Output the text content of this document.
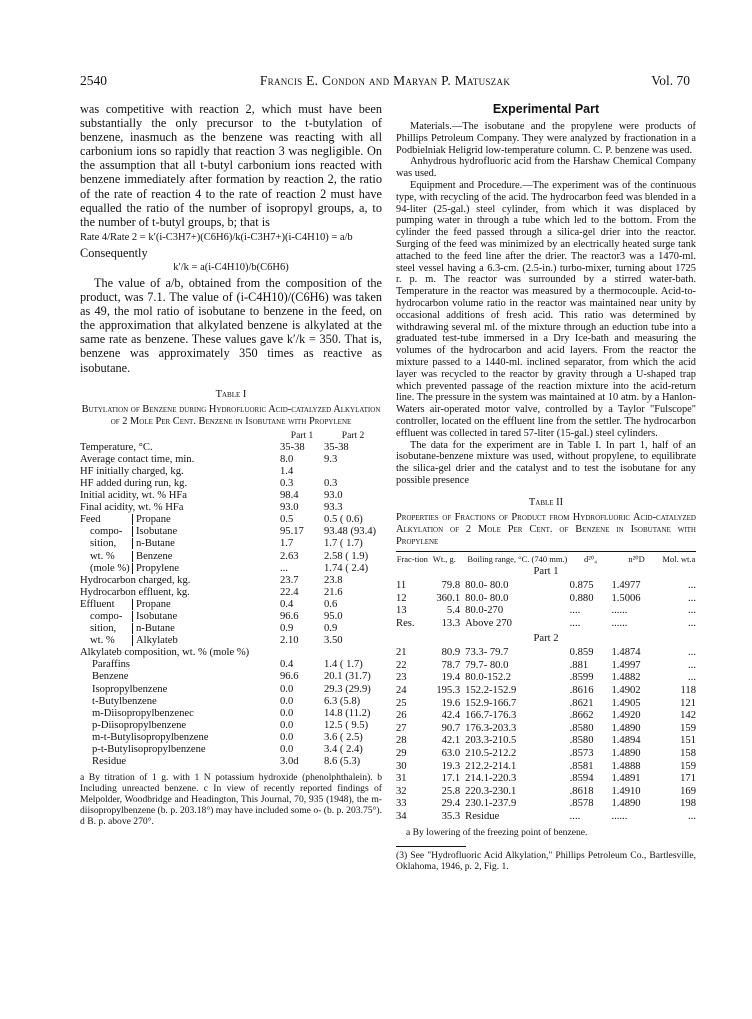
2540	Francis E. Condon and Maryan P. Matuszak	Vol. 70

was competitive with reaction 2, which must have been substantially the only precursor to the t-butylation of benzene, inasmuch as the benzene was reacting with all carbonium ions so rapidly that reaction 3 was negligible. On the assumption that all t-butyl carbonium ions reacted with benzene immediately after formation by reaction 2, the ratio of the rate of reaction 4 to the rate of reaction 2 must have equalled the ratio of the number of isopropyl groups, a, to the number of t-butyl groups, b; that is

Rate 4/Rate 2 = k′(i-C3H7+)(C6H6)/k(i-C3H7+)(i-C4H10) = a/b

Consequently

k′/k = a(i-C4H10)/b(C6H6)

The value of a/b, obtained from the composition of the product, was 7.1. The value of (i-C4H10)/(C6H6) was taken as 49, the mol ratio of isobutane to benzene in the feed, on the approximation that alkylated benzene is alkylated at the same rate as benzene. These values gave k′/k = 350. That is, benzene was approximately 350 times as reactive as isobutane.

Table I

Butylation of Benzene during Hydrofluoric Acid-catalyzed Alkylation of 2 Mole Per Cent. Benzene in Isobutane with Propylene

	Part 1	Part 2
Temperature, °C.	35-38	35-38
Average contact time, min.	8.0	9.3
HF initially charged, kg.	1.4	
HF added during run, kg.	0.3	0.3
Initial acidity, wt. % HFa	98.4	93.0
Final acidity, wt. % HFa	93.0	93.3
Feed Propane	0.5	0.5 ( 0.6)
compo- Isobutane	95.17	93.48 (93.4)
sition, n-Butane	1.7	1.7 ( 1.7)
wt. % Benzene	2.63	2.58 ( 1.9)
(mole %) Propylene	...	1.74 ( 2.4)
Hydrocarbon charged, kg.	23.7	23.8
Hydrocarbon effluent, kg.	22.4	21.6
Effluent Propane	0.4	0.6
compo- Isobutane	96.6	95.0
sition, n-Butane	0.9	0.9
wt. % Alkylateb	2.10	3.50
Alkylateb composition, wt. % (mole %)		
Paraffins	0.4	1.4 ( 1.7)
Benzene	96.6	20.1 (31.7)
Isopropylbenzene	0.0	29.3 (29.9)
t-Butylbenzene	0.0	6.3 (5.8)
m-Diisopropylbenzenec	0.0	14.8 (11.2)
p-Diisopropylbenzene	0.0	12.5 ( 9.5)
m-t-Butylisopropylbenzene	0.0	3.6 ( 2.5)
p-t-Butylisopropylbenzene	0.0	3.4 ( 2.4)
Residue	3.0d	8.6 (5.3)

a By titration of 1 g. with 1 N potassium hydroxide (phenolphthalein). b Including unreacted benzene. c In view of recently reported findings of Melpolder, Woodbridge and Headington, This Journal, 70, 935 (1948), the m-diisopropylbenzene (b. p. 203.18°) may have included some o- (b. p. 203.75°). d B. p. above 270°.

Experimental Part

Materials.—The isobutane and the propylene were products of Phillips Petroleum Company. They were analyzed by fractionation in a Podbielniak Heligrid low-temperature column. C. P. benzene was used.

Anhydrous hydrofluoric acid from the Harshaw Chemical Company was used.

Equipment and Procedure.—The experiment was of the continuous type, with recycling of the acid. The hydrocarbon feed was blended in a 94-liter (25-gal.) steel cylinder, from which it was displaced by pumping water in through a tube which led to the bottom. From the cylinder the feed passed through a silica-gel drier into the reactor. Surging of the feed was minimized by an electrically heated surge tank attached to the feed line after the drier. The reactor3 was a 1470-ml. steel vessel having a 6.3-cm. (2.5-in.) turbo-mixer, turning about 1725 r. p. m. The reactor was surrounded by a stirred water-bath. Temperature in the reactor was measured by a thermocouple. Acid-to-hydrocarbon volume ratio in the reactor was maintained near unity by occasional additions of fresh acid. This ratio was determined by withdrawing several ml. of the mixture through an eduction tube into a graduated test-tube immersed in a Dry Ice-bath and measuring the volumes of the hydrocarbon and acid layers. From the reactor the mixture passed to a 1440-ml. inclined separator, from which the acid layer was recycled to the reactor by gravity through a U-shaped trap which prevented passage of the reaction mixture into the acid-return line. The pressure in the system was maintained at 10 atm. by a Hanlon-Waters air-operated motor valve, controlled by a Taylor "Fulscope" controller, located on the effluent line from the settler. The hydrocarbon effluent was collected in tared 57-liter (15-gal.) steel cylinders.

The data for the experiment are in Table I. In part 1, half of an isobutane-benzene mixture was used, without propylene, to equilibrate the silica-gel drier and the catalyst and to test the isobutane for any possible presence

Table II

Properties of Fractions of Product from Hydrofluoric Acid-catalyzed Alkylation of 2 Mole Per Cent. of Benzene in Isobutane with Propylene

Frac-tion	Wt., g.	Boiling range, °C. (740 mm.)	d²⁰₄	n²⁰D	Mol. wt.a
Part 1					
11	79.8	80.0- 80.0	0.875	1.4977	...
12	360.1	80.0- 80.0	0.880	1.5006	...
13	5.4	80.0-270	....	......	...
Res.	13.3	Above 270	....	......	...
Part 2					
21	80.9	73.3- 79.7	0.859	1.4874	...
22	78.7	79.7- 80.0	.881	1.4997	...
23	19.4	80.0-152.2	.8599	1.4882	...
24	195.3	152.2-152.9	.8616	1.4902	118
25	19.6	152.9-166.7	.8621	1.4905	121
26	42.4	166.7-176.3	.8662	1.4920	142
27	90.7	176.3-203.3	.8580	1.4890	159
28	42.1	203.3-210.5	.8580	1.4894	151
29	63.0	210.5-212.2	.8573	1.4890	158
30	19.3	212.2-214.1	.8581	1.4888	159
31	17.1	214.1-220.3	.8594	1.4891	171
32	25.8	220.3-230.1	.8618	1.4910	169
33	29.4	230.1-237.9	.8578	1.4890	198
34	35.3	Residue	....	......	...

a By lowering of the freezing point of benzene.

(3) See "Hydrofluoric Acid Alkylation," Phillips Petroleum Co., Bartlesville, Oklahoma, 1946, p. 2, Fig. 1.
